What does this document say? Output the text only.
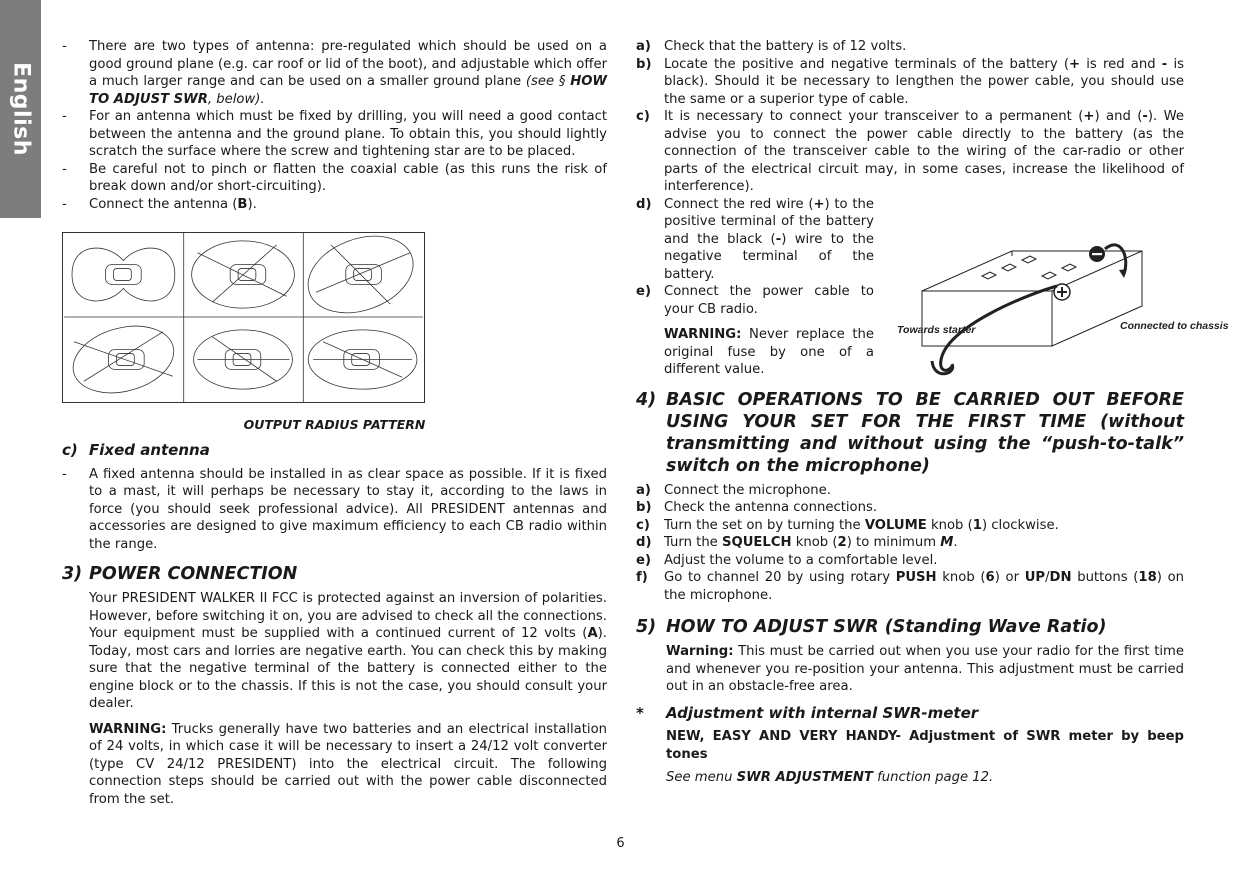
English
- There are two types of antenna: pre-regulated which should be used on a good ground plane (e.g. car roof or lid of the boot), and adjustable which offer a much larger range and can be used on a smaller ground plane (see § HOW TO ADJUST SWR, below).
- For an antenna which must be fixed by drilling, you will need a good contact between the antenna and the ground plane. To obtain this, you should lightly scratch the surface where the screw and tightening star are to be placed.
- Be careful not to pinch or flatten the coaxial cable (as this runs the risk of break down and/or short-circuiting).
- Connect the antenna (B).
OUTPUT RADIUS PATTERN
c) Fixed antenna
- A fixed antenna should be installed in as clear space as possible. If it is fixed to a mast, it will perhaps be necessary to stay it, according to the laws in force (you should seek professional advice). All PRESIDENT antennas and accessories are designed to give maximum efficiency to each CB radio within the range.
3) POWER CONNECTION

Your PRESIDENT WALKER II FCC is protected against an inversion of polarities. However, before switching it on, you are advised to check all the connections. Your equipment must be supplied with a continued current of 12 volts (A). Today, most cars and lorries are negative earth. You can check this by making sure that the negative terminal of the battery is connected either to the engine block or to the chassis. If this is not the case, you should consult your dealer.

WARNING: Trucks generally have two batteries and an electrical installation of 24 volts, in which case it will be necessary to insert a 24/12 volt converter (type CV 24/12 PRESIDENT) into the electrical circuit. The following connection steps should be carried out with the power cable disconnected from the set.

a) Check that the battery is of 12 volts.
b) Locate the positive and negative terminals of the battery (+ is red and - is black). Should it be necessary to lengthen the power cable, you should use the same or a superior type of cable.
c) It is necessary to connect your transceiver to a permanent (+) and (-). We advise you to connect the power cable directly to the battery (as the connection of the transceiver cable to the wiring of the car-radio or other parts of the electrical circuit may, in some cases, increase the likelihood of interference).
d) Connect the red wire (+) to the positive terminal of the battery and the black (-) wire to the negative terminal of the battery.
e) Connect the power cable to your CB radio.

WARNING: Never replace the original fuse by one of a different value.

Towards starter	Connected to chassis
4) BASIC OPERATIONS TO BE CARRIED OUT BEFORE USING YOUR SET FOR THE FIRST TIME (without transmitting and without using the “push-to-talk” switch on the microphone)
a) Connect the microphone.
b) Check the antenna connections.
c) Turn the set on by turning the VOLUME knob (1) clockwise.
d) Turn the SQUELCH knob (2) to minimum M.
e) Adjust the volume to a comfortable level.
f) Go to channel 20 by using rotary PUSH knob (6) or UP/DN buttons (18) on the microphone.
5) HOW TO ADJUST SWR (Standing Wave Ratio)

Warning: This must be carried out when you use your radio for the first time and whenever you re-position your antenna. This adjustment must be carried out in an obstacle-free area.

* Adjustment with internal SWR-meter

NEW, EASY AND VERY HANDY- Adjustment of SWR meter by beep tones

See menu SWR ADJUSTMENT function page 12.

6
